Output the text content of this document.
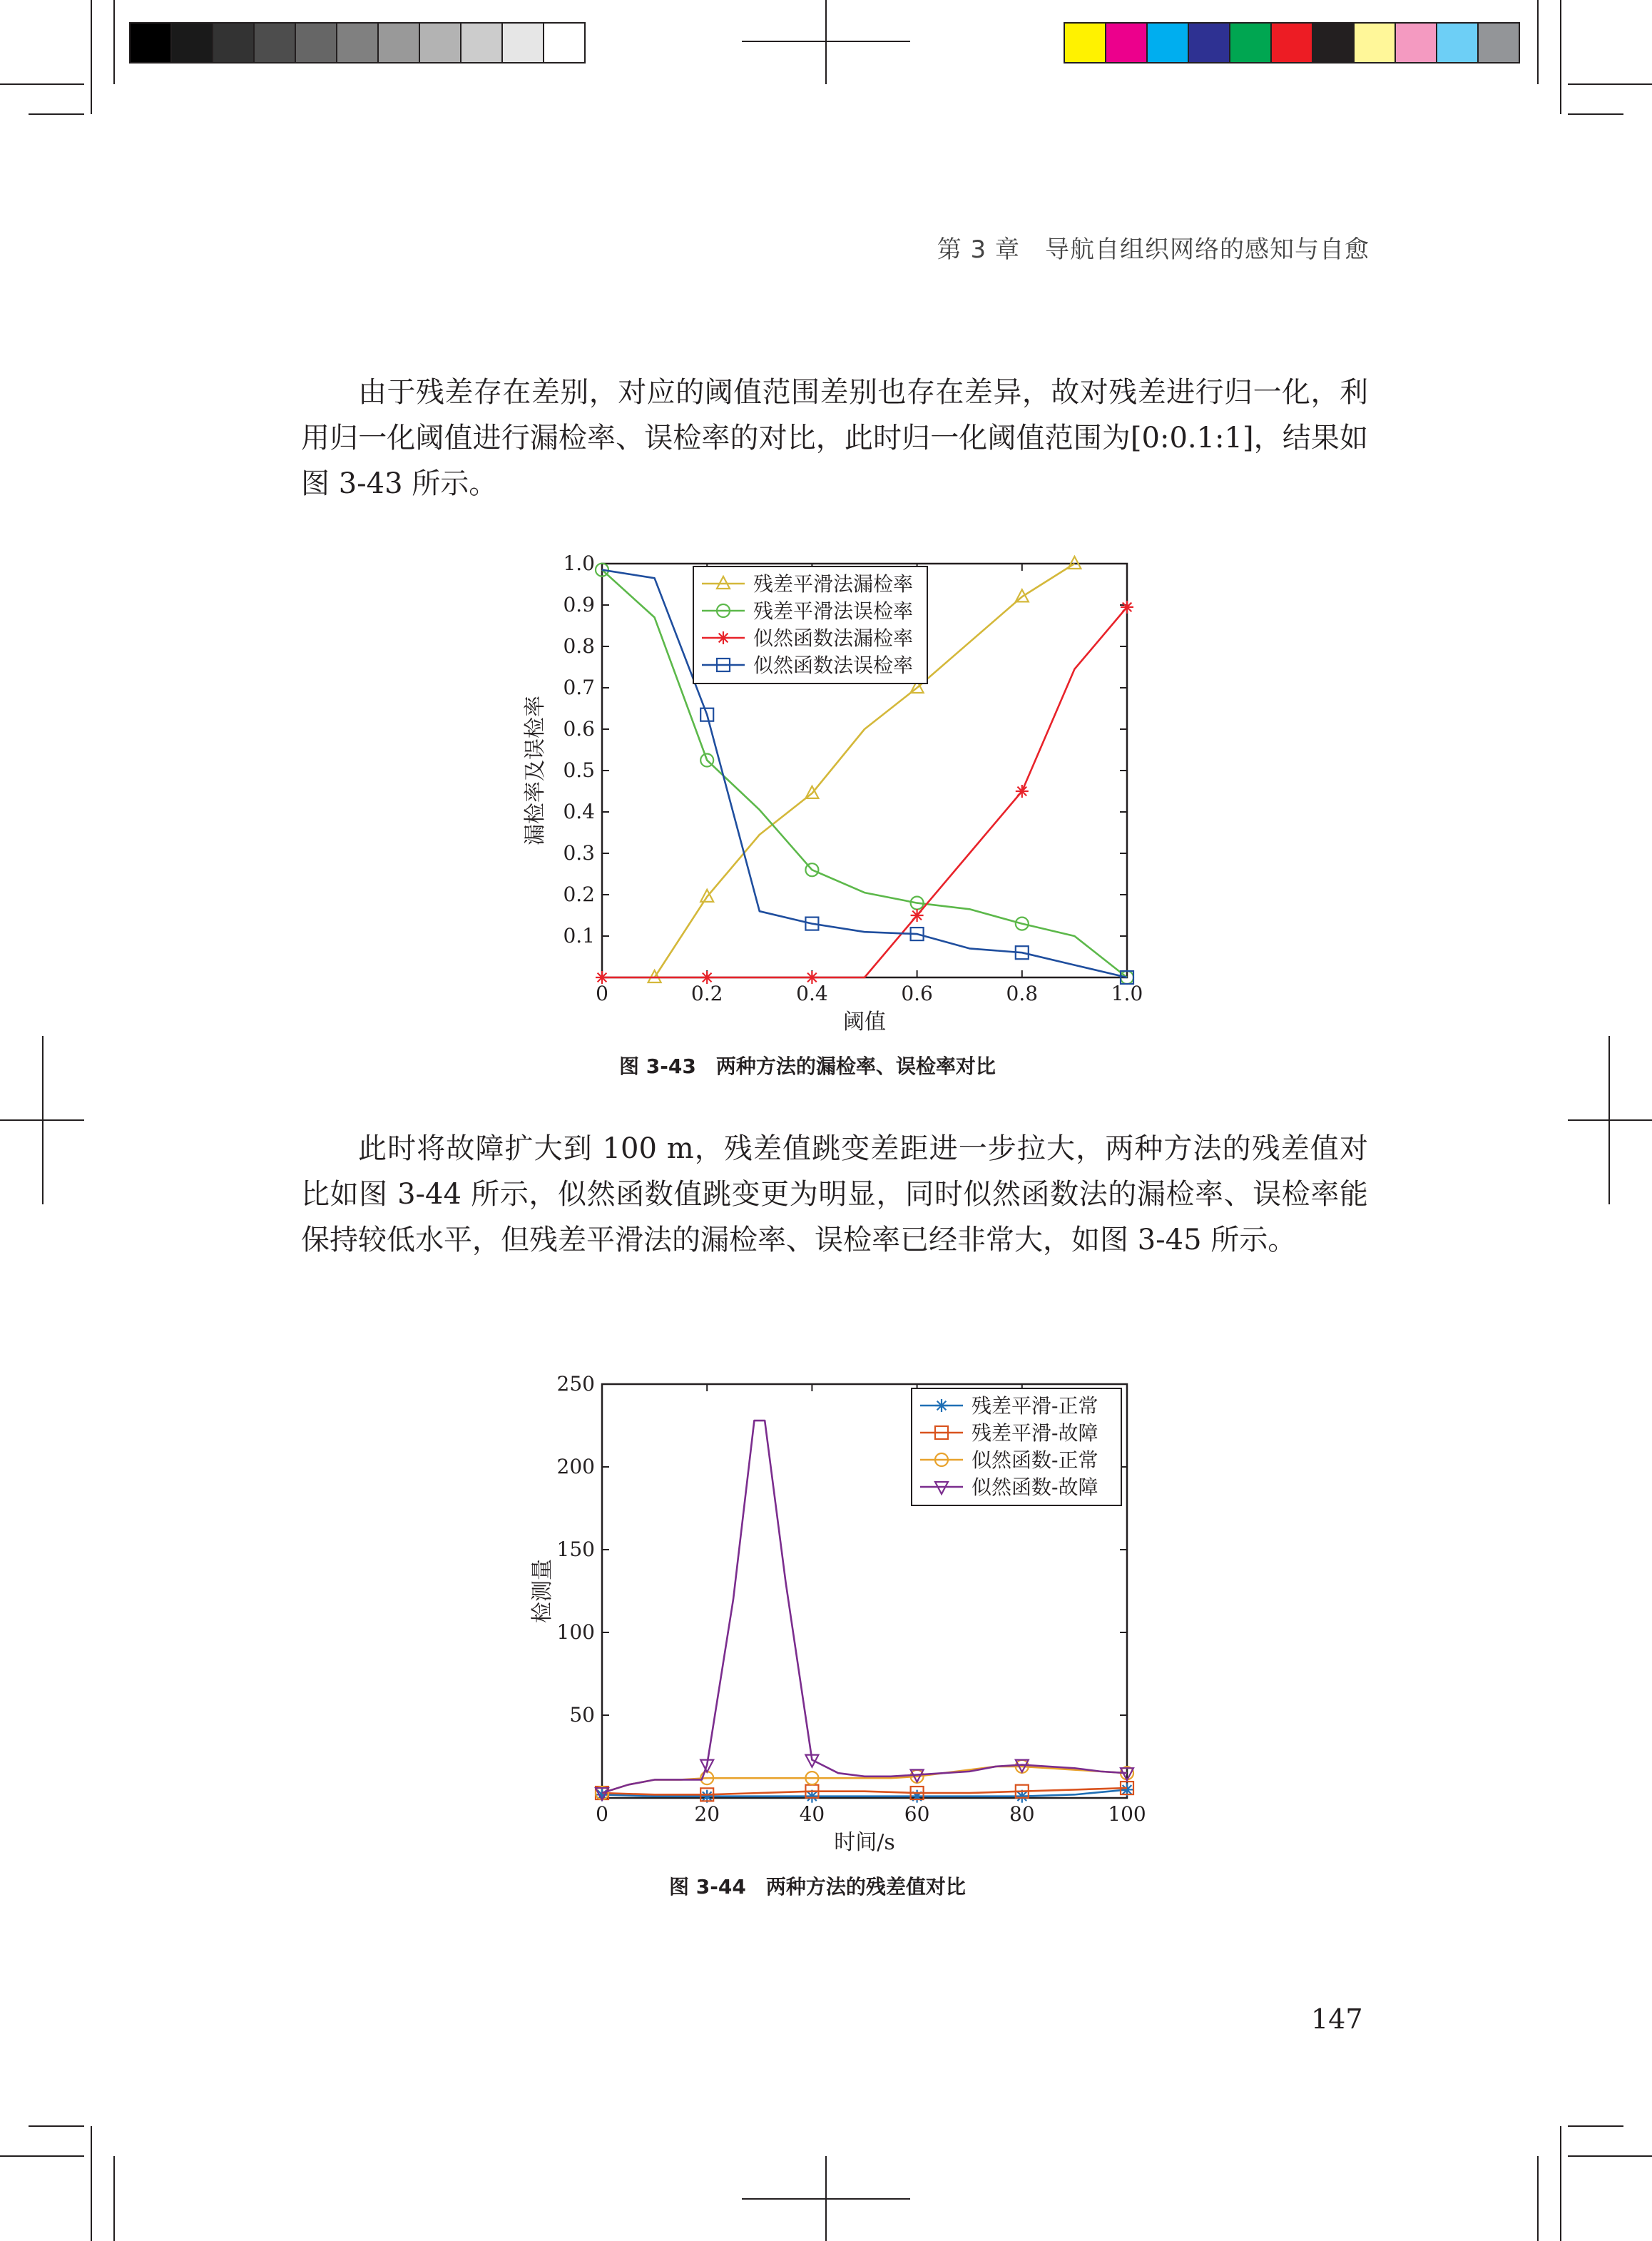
第 3 章　导航自组织网络的感知与自愈

由于残差存在差别，对应的阈值范围差别也存在差异，故对残差进行归一化，利用归一化阈值进行漏检率、误检率的对比，此时归一化阈值范围为[0:0.1:1]，结果如图 3-43 所示。

0	0.2	0.4	0.6	0.8	1.0
0.1
0.2
0.3
0.4
0.5
0.6
0.7
0.8
0.9
1.0
阈值
漏检率及误检率
残差平滑法漏检率
残差平滑法误检率
似然函数法漏检率
似然函数法误检率
图 3-43　两种方法的漏检率、误检率对比

此时将故障扩大到 100 m，残差值跳变差距进一步拉大，两种方法的残差值对比如图 3-44 所示，似然函数值跳变更为明显，同时似然函数法的漏检率、误检率能保持较低水平，但残差平滑法的漏检率、误检率已经非常大，如图 3-45 所示。

0	20	40	60	80	100
50
100
150
200
250
时间/s
检测量
残差平滑-正常
残差平滑-故障
似然函数-正常
似然函数-故障
图 3-44　两种方法的残差值对比
147
